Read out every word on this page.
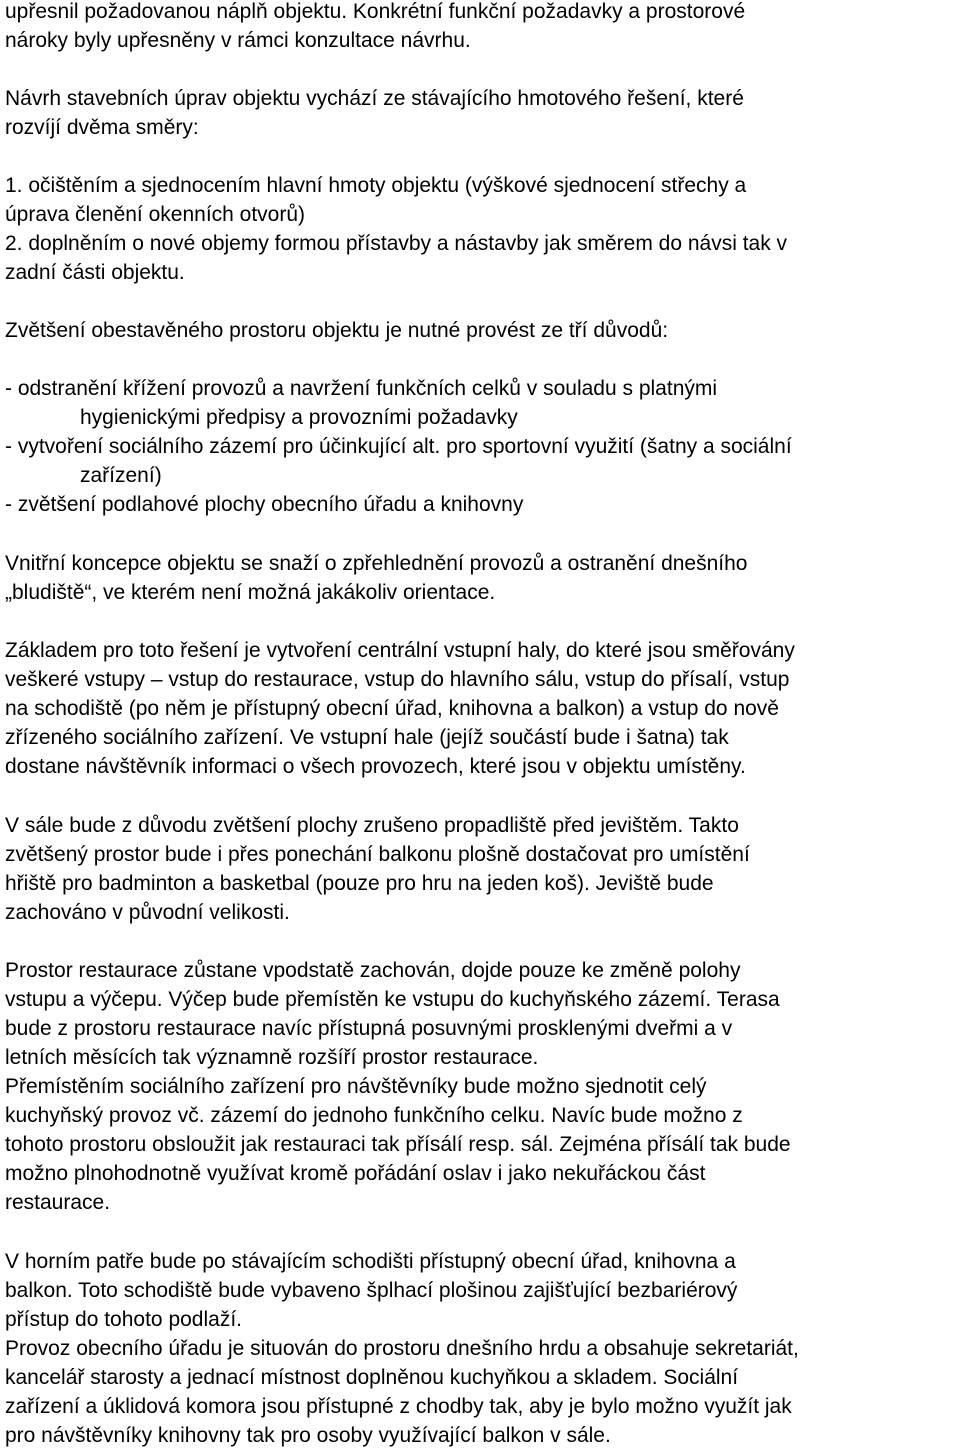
upřesnil požadovanou náplň objektu. Konkrétní funkční požadavky a prostorové
nároky byly upřesněny v rámci konzultace návrhu.
Návrh stavebních úprav objektu vychází ze stávajícího hmotového řešení, které
rozvíjí dvěma směry:
1. očištěním a sjednocením hlavní hmoty objektu (výškové sjednocení střechy a
úprava členění okenních otvorů)
2. doplněním o nové objemy formou přístavby a nástavby jak směrem do návsi tak v
zadní části objektu.
Zvětšení obestavěného prostoru objektu je nutné provést ze tří důvodů:
- odstranění křížení provozů a navržení funkčních celků v souladu s platnými
hygienickými předpisy a provozními požadavky
- vytvoření sociálního zázemí pro účinkující alt. pro sportovní využití (šatny a sociální
zařízení)
- zvětšení podlahové plochy obecního úřadu a knihovny
Vnitřní koncepce objektu se snaží o zpřehlednění provozů a ostranění dnešního
„bludiště“, ve kterém není možná jakákoliv orientace.
Základem pro toto řešení je vytvoření centrální vstupní haly, do které jsou směřovány
veškeré vstupy – vstup do restaurace, vstup do hlavního sálu, vstup do přísalí, vstup
na schodiště (po něm je přístupný obecní úřad, knihovna a balkon) a vstup do nově
zřízeného sociálního zařízení. Ve vstupní hale (jejíž součástí bude i šatna) tak
dostane návštěvník informaci o všech provozech, které jsou v objektu umístěny.
V sále bude z důvodu zvětšení plochy zrušeno propadliště před jevištěm. Takto
zvětšený prostor bude i přes ponechání balkonu plošně dostačovat pro umístění
hřiště pro badminton a basketbal (pouze pro hru na jeden koš). Jeviště bude
zachováno v původní velikosti.
Prostor restaurace zůstane vpodstatě zachován, dojde pouze ke změně polohy
vstupu a výčepu. Výčep bude přemístěn ke vstupu do kuchyňského zázemí. Terasa
bude z prostoru restaurace navíc přístupná posuvnými prosklenými dveřmi a v
letních měsících tak významně rozšíří prostor restaurace.
Přemístěním sociálního zařízení pro návštěvníky bude možno sjednotit celý
kuchyňský provoz vč. zázemí do jednoho funkčního celku. Navíc bude možno z
tohoto prostoru obsloužit jak restauraci tak přísálí resp. sál. Zejména přísálí tak bude
možno plnohodnotně využívat kromě pořádání oslav i jako nekuřáckou část
restaurace.
V horním patře bude po stávajícím schodišti přístupný obecní úřad, knihovna a
balkon. Toto schodiště bude vybaveno šplhací plošinou zajišťující bezbariérový
přístup do tohoto podlaží.
Provoz obecního úřadu je situován do prostoru dnešního hrdu a obsahuje sekretariát,
kancelář starosty a jednací místnost doplněnou kuchyňkou a skladem. Sociální
zařízení a úklidová komora jsou přístupné z chodby tak, aby je bylo možno využít jak
pro návštěvníky knihovny tak pro osoby využívající balkon v sále.
